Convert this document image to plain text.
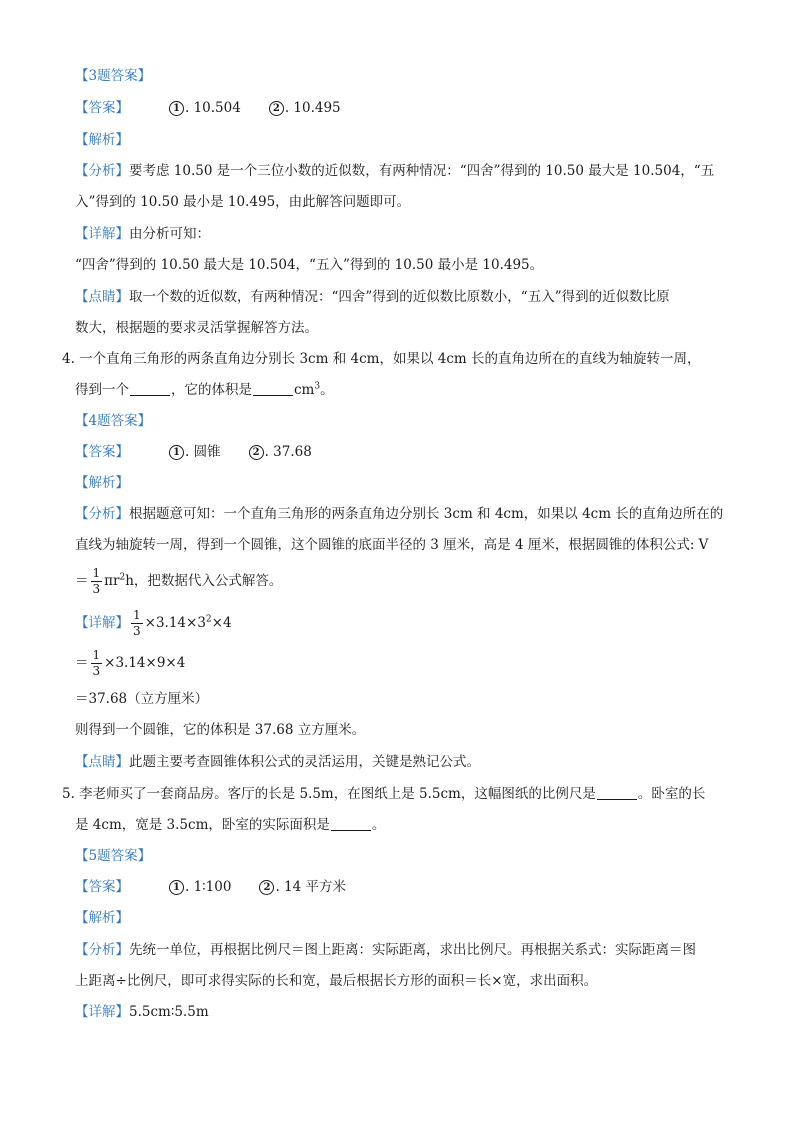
【3题答案】
【答案】	1 . 10.504	2 . 10.495
【解析】
【分析】要考虑 10.50 是一个三位小数的近似数，有两种情况：“四舍”得到的 10.50 最大是 10.504，“五
入”得到的 10.50 最小是 10.495，由此解答问题即可。
【详解】由分析可知：
“四舍”得到的 10.50 最大是 10.504，“五入”得到的 10.50 最小是 10.495。
【点睛】取一个数的近似数，有两种情况：“四舍”得到的近似数比原数小，“五入”得到的近似数比原
数大，根据题的要求灵活掌握解答方法。
4. 一个直角三角形的两条直角边分别长 3cm 和 4cm，如果以 4cm 长的直角边所在的直线为轴旋转一周，
得到一个	，它的体积是	$cm^3$。
【4题答案】
【答案】	1 . 圆锥	2 . 37.68
【解析】
【分析】根据题意可知：一个直角三角形的两条直角边分别长 3cm 和 4cm，如果以 4cm 长的直角边所在的
直线为轴旋转一周，得到一个圆锥，这个圆锥的底面半径的 3 厘米，高是 4 厘米，根据圆锥的体积公式: V
＝ $\frac{1}{3} \pi r^2h$，把数据代入公式解答。
【详解】 $\frac{1}{3} \times 3.14\times 3^2\times 4$
＝ $\frac{1}{3} \times 3.14\times 9\times 4$
＝37.68（立方厘米）
则得到一个圆锥，它的体积是 37.68 立方厘米。
【点睛】此题主要考查圆锥体积公式的灵活运用，关键是熟记公式。
5. 李老师买了一套商品房。客厅的长是 5.5m，在图纸上是 5.5cm，这幅图纸的比例尺是	。卧室的长
是 4cm，宽是 3.5cm，卧室的实际面积是	。
【5题答案】
【答案】	1 . 1∶100	2 . 14 平方米
【解析】
【分析】先统一单位，再根据比例尺＝图上距离：实际距离，求出比例尺。再根据关系式：实际距离＝图
上距离÷比例尺，即可求得实际的长和宽，最后根据长方形的面积＝长×宽，求出面积。
【详解】5.5cm∶5.5m
